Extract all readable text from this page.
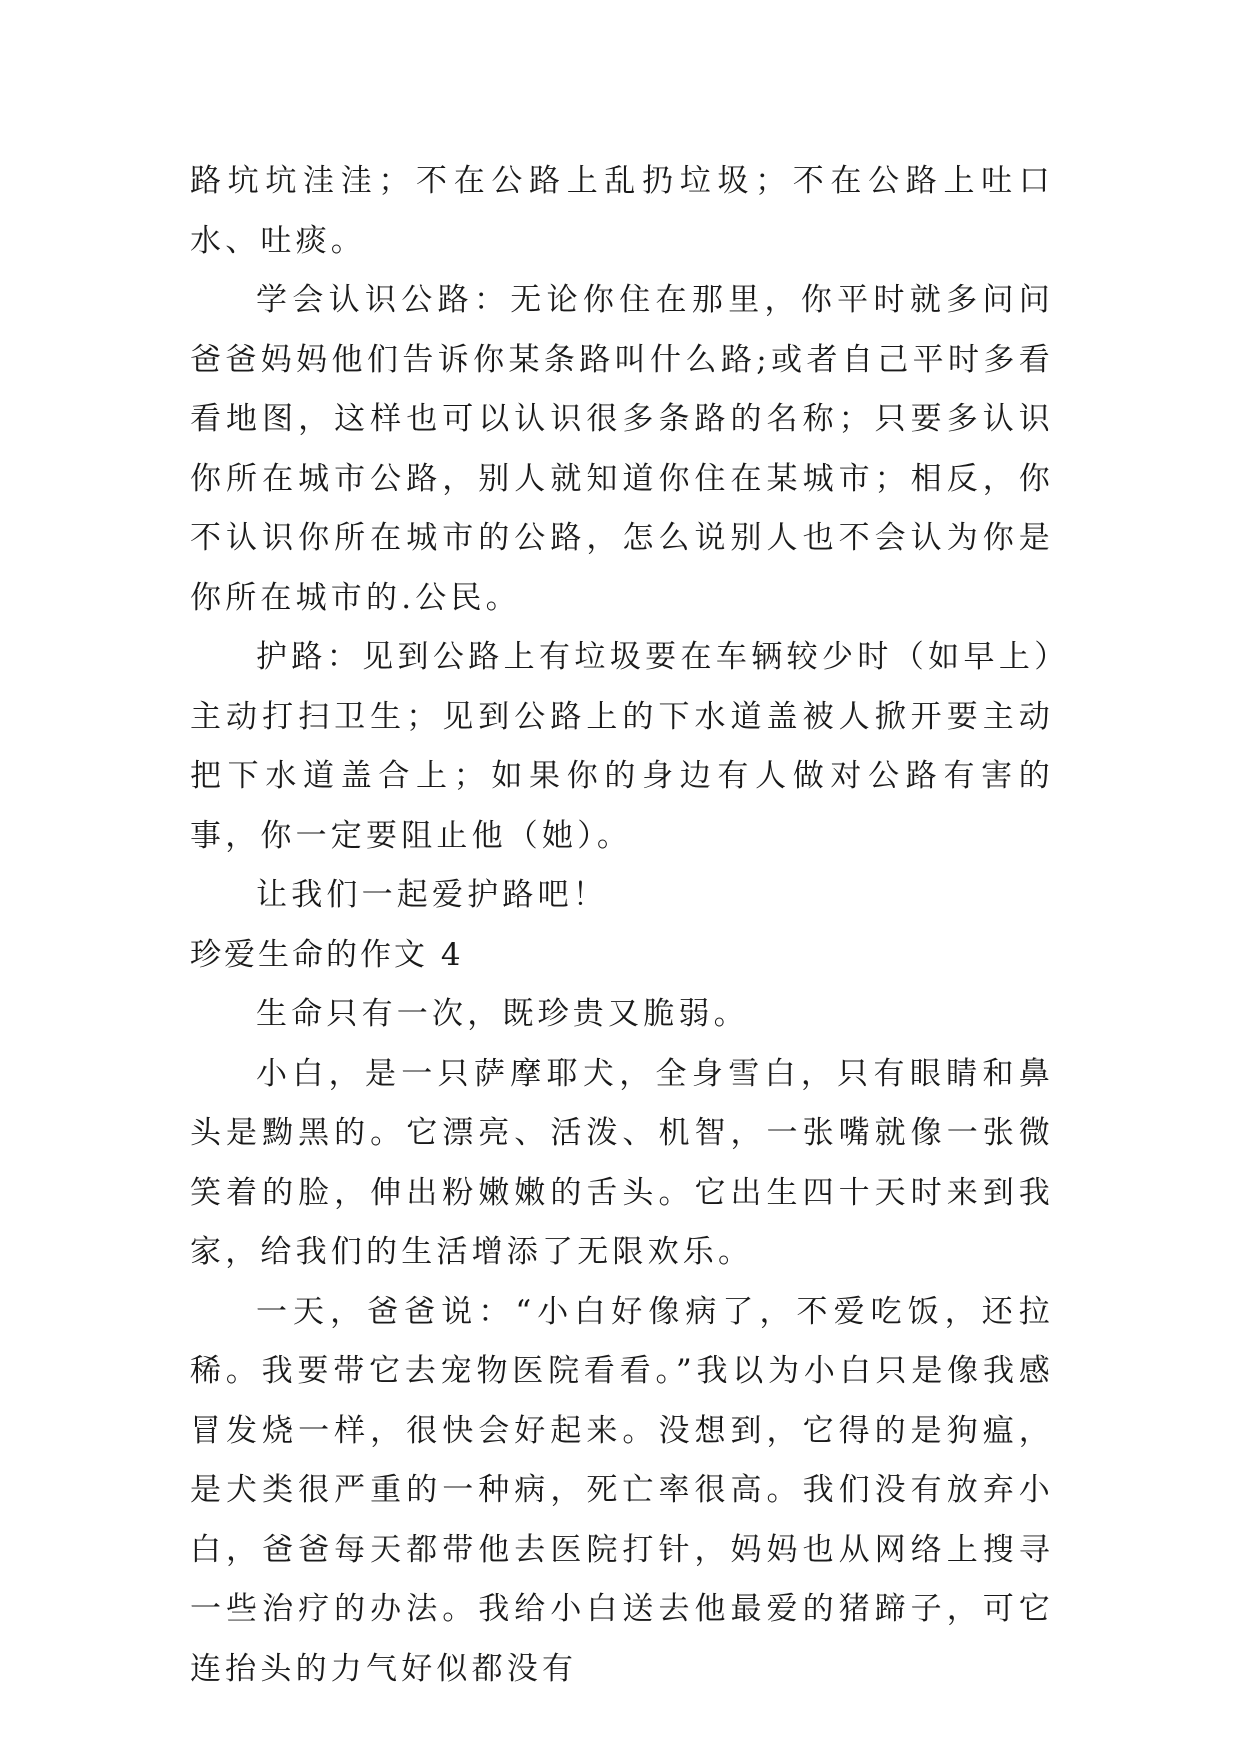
路坑坑洼洼；不在公路上乱扔垃圾；不在公路上吐口水、吐痰。

学会认识公路：无论你住在那里，你平时就多问问爸爸妈妈他们告诉你某条路叫什么路;或者自己平时多看看地图，这样也可以认识很多条路的名称；只要多认识你所在城市公路，别人就知道你住在某城市；相反，你不认识你所在城市的公路，怎么说别人也不会认为你是你所在城市的.公民。

护路：见到公路上有垃圾要在车辆较少时（如早上）主动打扫卫生；见到公路上的下水道盖被人掀开要主动把下水道盖合上；如果你的身边有人做对公路有害的事，你一定要阻止他（她）。

让我们一起爱护路吧！

珍爱生命的作文 4

生命只有一次，既珍贵又脆弱。

小白，是一只萨摩耶犬，全身雪白，只有眼睛和鼻头是黝黑的。它漂亮、活泼、机智，一张嘴就像一张微笑着的脸，伸出粉嫩嫩的舌头。它出生四十天时来到我家，给我们的生活增添了无限欢乐。

一天，爸爸说：“小白好像病了，不爱吃饭，还拉稀。我要带它去宠物医院看看。”我以为小白只是像我感冒发烧一样，很快会好起来。没想到，它得的是狗瘟，是犬类很严重的一种病，死亡率很高。我们没有放弃小白，爸爸每天都带他去医院打针，妈妈也从网络上搜寻一些治疗的办法。我给小白送去他最爱的猪蹄子，可它连抬头的力气好似都没有
